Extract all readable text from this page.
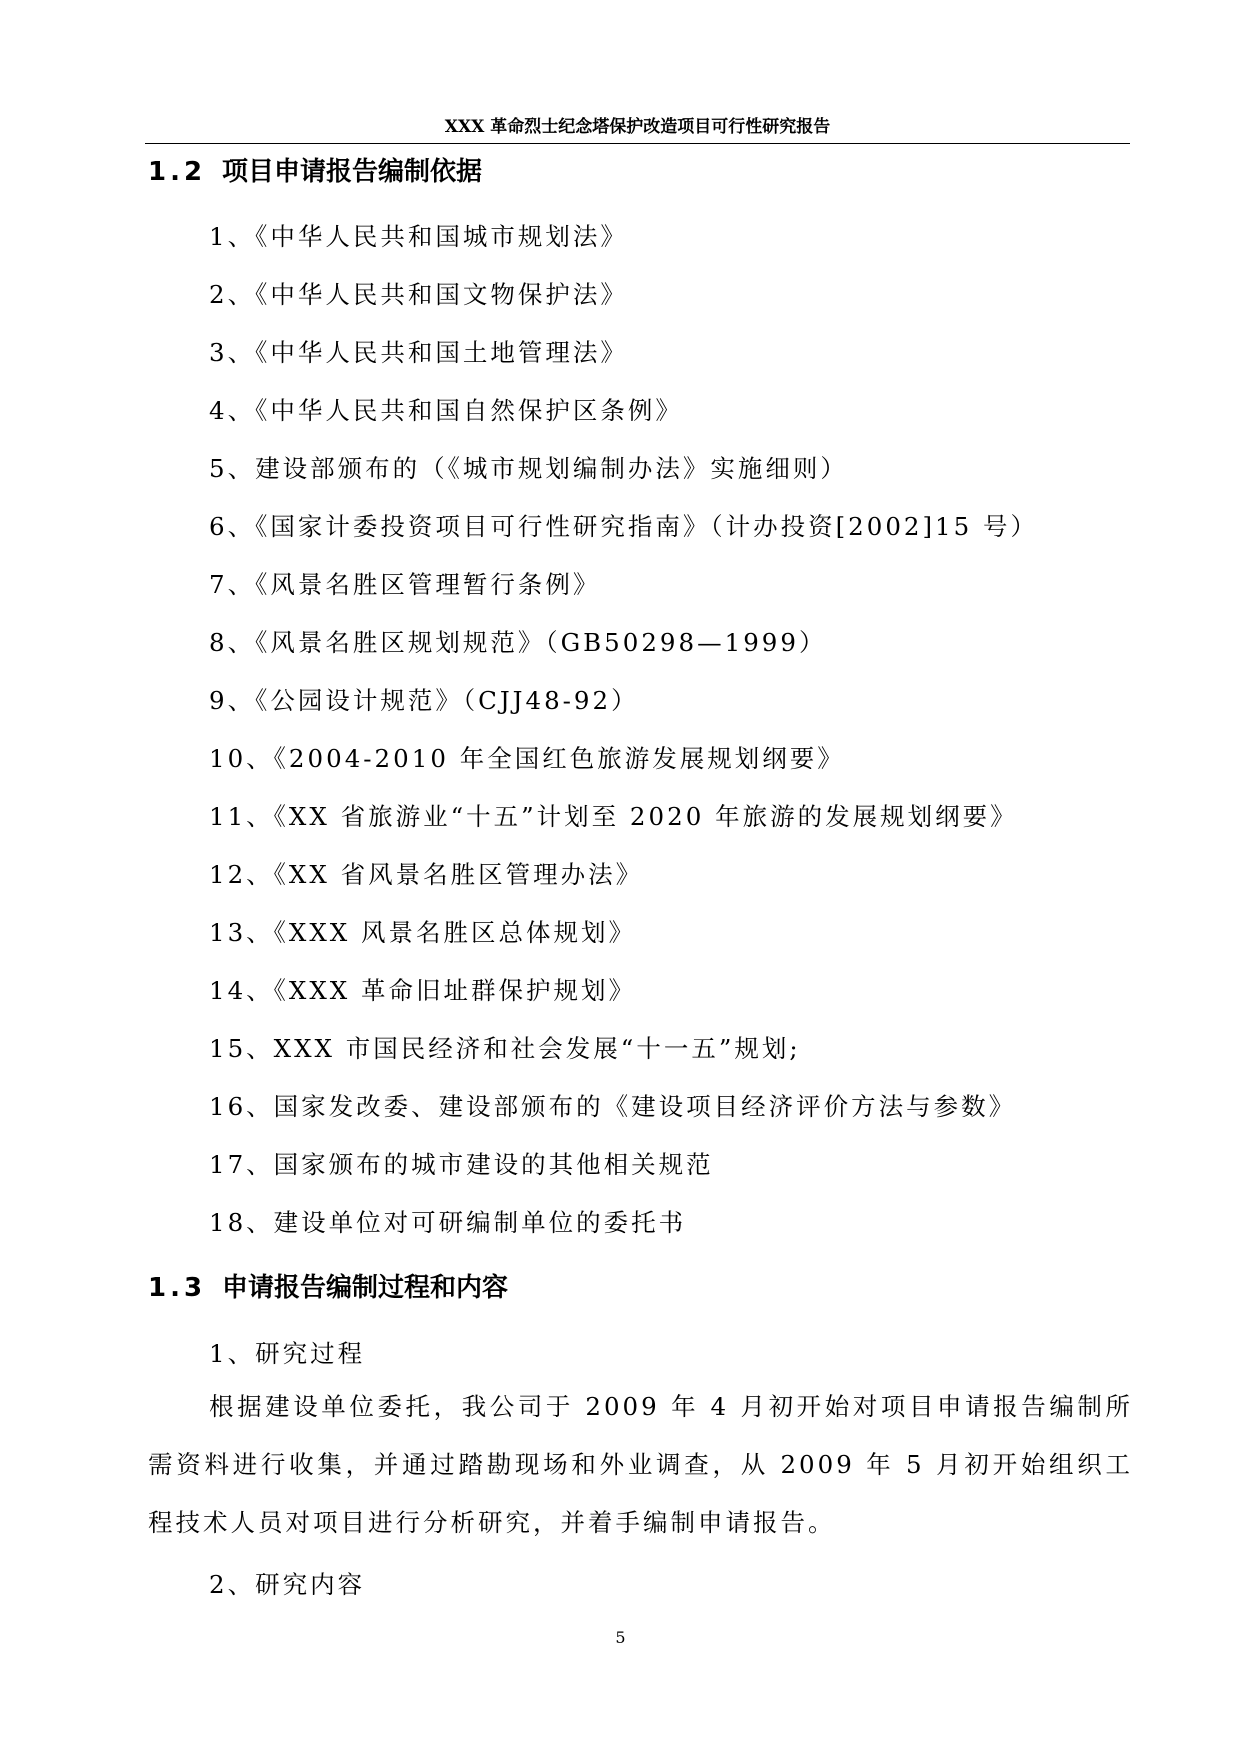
XXX 革命烈士纪念塔保护改造项目可行性研究报告
1.2 项目申请报告编制依据
1、《中华人民共和国城市规划法》
2、《中华人民共和国文物保护法》
3、《中华人民共和国土地管理法》
4、《中华人民共和国自然保护区条例》
5、建设部颁布的（《城市规划编制办法》实施细则）
6、《国家计委投资项目可行性研究指南》（计办投资[2002]15 号）
7、《风景名胜区管理暂行条例》
8、《风景名胜区规划规范》（GB50298—1999）
9、《公园设计规范》（CJJ48-92）
10、《2004-2010 年全国红色旅游发展规划纲要》
11、《XX 省旅游业“十五”计划至 2020 年旅游的发展规划纲要》
12、《XX 省风景名胜区管理办法》
13、《XXX 风景名胜区总体规划》
14、《XXX 革命旧址群保护规划》
15、XXX 市国民经济和社会发展“十一五”规划;
16、国家发改委、建设部颁布的《建设项目经济评价方法与参数》
17、国家颁布的城市建设的其他相关规范
18、建设单位对可研编制单位的委托书
1.3 申请报告编制过程和内容
1、研究过程
根据建设单位委托，我公司于 2009 年 4 月初开始对项目申请报告编制所需资料进行收集，并通过踏勘现场和外业调查，从 2009 年 5 月初开始组织工程技术人员对项目进行分析研究，并着手编制申请报告。
2、研究内容
5
